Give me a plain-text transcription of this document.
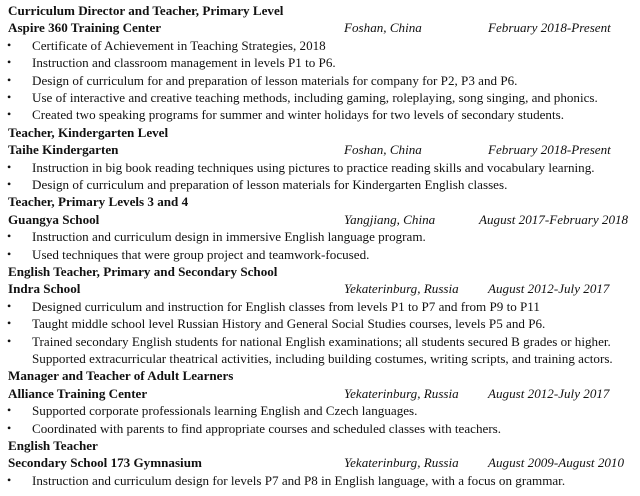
Curriculum Director and Teacher, Primary Level
Aspire 360 Training Center	Foshan, China	February 2018-Present
• Certificate of Achievement in Teaching Strategies, 2018
• Instruction and classroom management in levels P1 to P6.
• Design of curriculum for and preparation of lesson materials for company for P2, P3 and P6.
• Use of interactive and creative teaching methods, including gaming, roleplaying, song singing, and phonics.
• Created two speaking programs for summer and winter holidays for two levels of secondary students.
Teacher, Kindergarten Level
Taihe Kindergarten	Foshan, China	February 2018-Present
• Instruction in big book reading techniques using pictures to practice reading skills and vocabulary learning.
• Design of curriculum and preparation of lesson materials for Kindergarten English classes.
Teacher, Primary Levels 3 and 4
Guangya School	Yangjiang, China	August 2017-February 2018
• Instruction and curriculum design in immersive English language program.
• Used techniques that were group project and teamwork-focused.
English Teacher, Primary and Secondary School
Indra School	Yekaterinburg, Russia August 2012-July 2017
• Designed curriculum and instruction for English classes from levels P1 to P7 and from P9 to P11
• Taught middle school level Russian History and General Social Studies courses, levels P5 and P6.
• Trained secondary English students for national English examinations; all students secured B grades or higher.
Supported extracurricular theatrical activities, including building costumes, writing scripts, and training actors.
Manager and Teacher of Adult Learners
Alliance Training Center	Yekaterinburg, Russia August 2012-July 2017
• Supported corporate professionals learning English and Czech languages.
• Coordinated with parents to find appropriate courses and scheduled classes with teachers.
English Teacher
Secondary School 173 Gymnasium	Yekaterinburg, Russia August 2009-August 2010
• Instruction and curriculum design for levels P7 and P8 in English language, with a focus on grammar.
